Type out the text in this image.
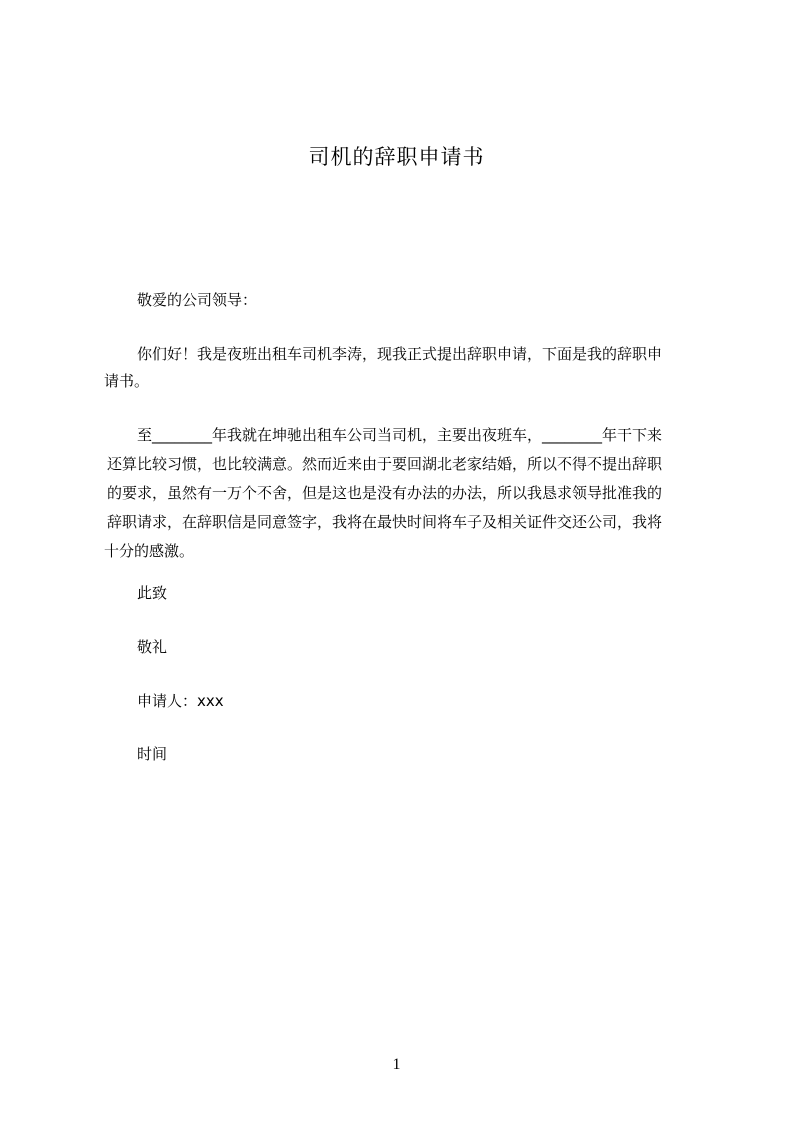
司机的辞职申请书
敬爱的公司领导：
你们好！我是夜班出租车司机李涛，现我正式提出辞职申请，下面是我的辞职申
请书。
至________年我就在坤驰出租车公司当司机，主要出夜班车，________年干下来
还算比较习惯，也比较满意。然而近来由于要回湖北老家结婚，所以不得不提出辞职
的要求，虽然有一万个不舍，但是这也是没有办法的办法，所以我恳求领导批准我的
辞职请求，在辞职信是同意签字，我将在最快时间将车子及相关证件交还公司，我将
十分的感激。
此致
敬礼
申请人：xxx
时间
1
